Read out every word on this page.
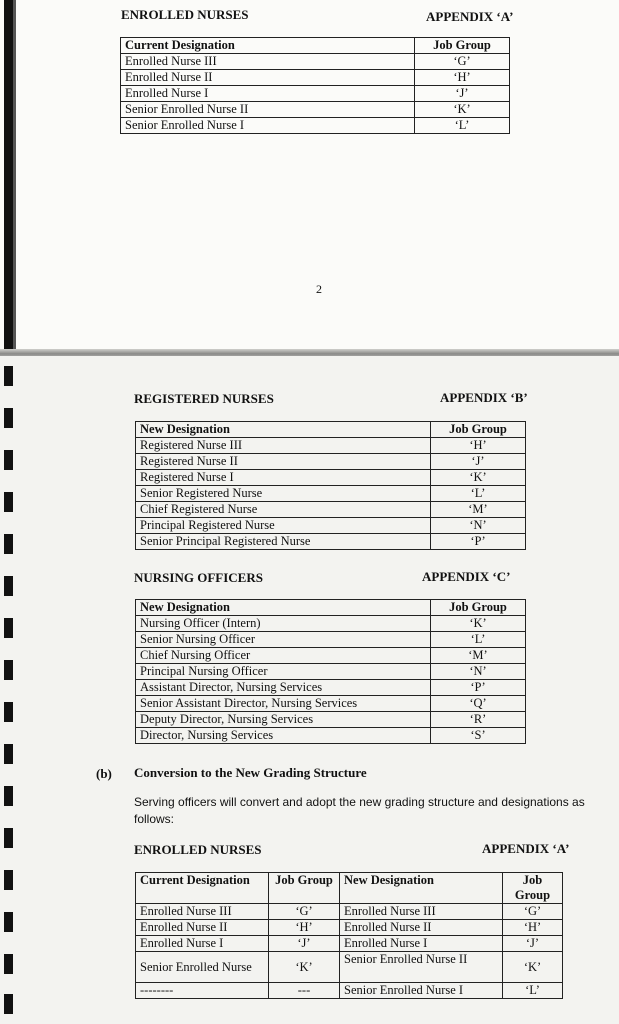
ENROLLED NURSES	APPENDIX ‘A’
Current Designation	Job Group
Enrolled Nurse III	‘G’
Enrolled Nurse II	‘H’
Enrolled Nurse I	‘J’
Senior Enrolled Nurse II	‘K’
Senior Enrolled Nurse I	‘L’
2
REGISTERED NURSES	APPENDIX ‘B’
New Designation	Job Group
Registered Nurse III	‘H’
Registered Nurse II	‘J’
Registered Nurse I	‘K’
Senior Registered Nurse	‘L’
Chief Registered Nurse	‘M’
Principal Registered Nurse	‘N’
Senior Principal Registered Nurse	‘P’
NURSING OFFICERS	APPENDIX ‘C’
New Designation	Job Group
Nursing Officer (Intern)	‘K’
Senior Nursing Officer	‘L’
Chief Nursing Officer	‘M’
Principal Nursing Officer	‘N’
Assistant Director, Nursing Services	‘P’
Senior Assistant Director, Nursing Services	‘Q’
Deputy Director, Nursing Services	‘R’
Director, Nursing Services	‘S’
(b) Conversion to the New Grading Structure
Serving officers will convert and adopt the new grading structure and designations as follows:
ENROLLED NURSES	APPENDIX ‘A’
Current Designation	Job Group	New Designation	Job Group
Enrolled Nurse III	‘G’	Enrolled Nurse III	‘G’
Enrolled Nurse II	‘H’	Enrolled Nurse II	‘H’
Enrolled Nurse I	‘J’	Enrolled Nurse I	‘J’
Senior Enrolled Nurse	‘K’	Senior Enrolled Nurse II	‘K’
--------	---	Senior Enrolled Nurse I	‘L’
